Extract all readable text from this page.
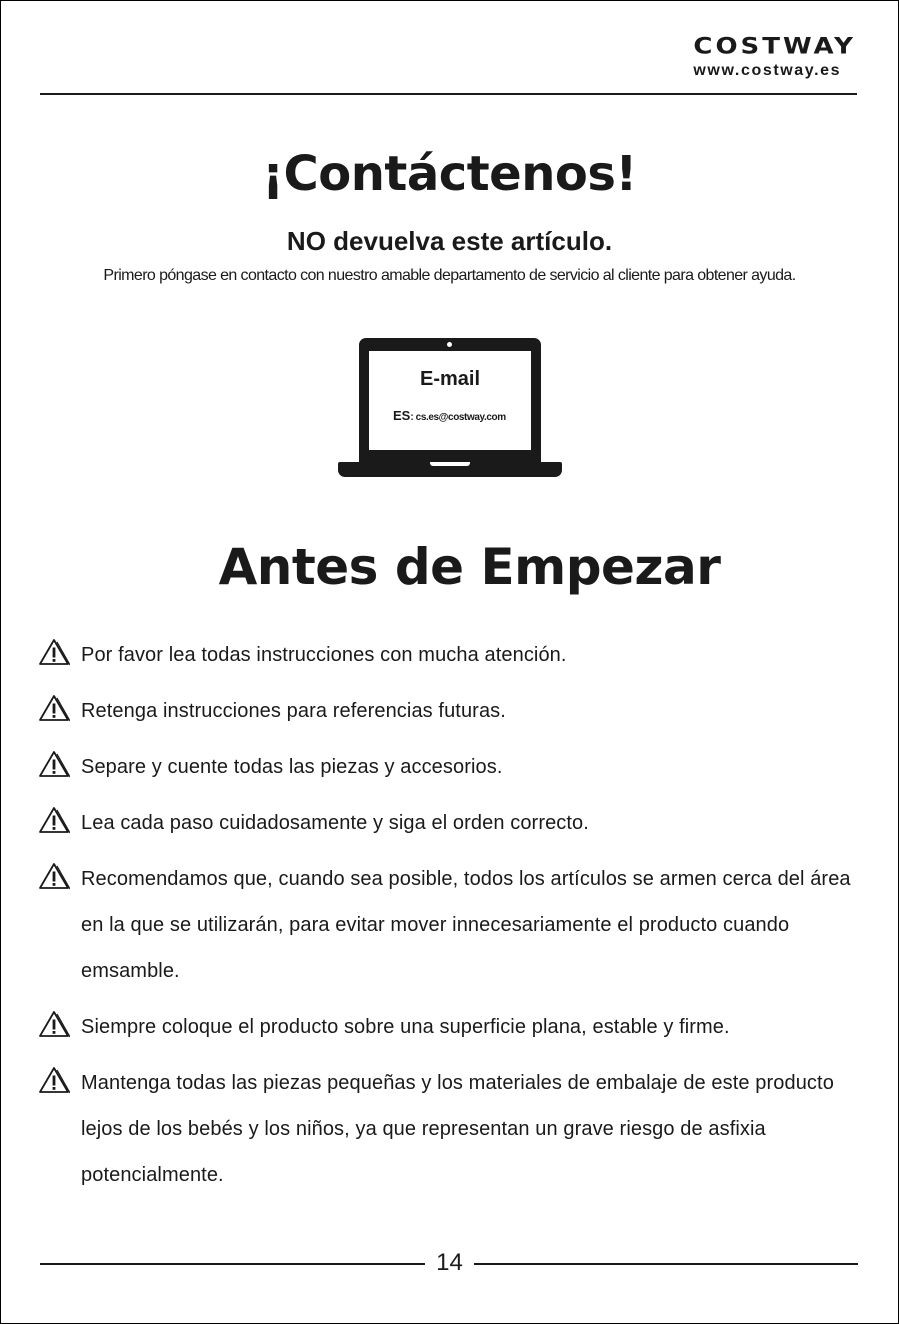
COSTWAY
www.costway.es
¡Contáctenos!
NO devuelva este artículo.
Primero póngase en contacto con nuestro amable departamento de servicio al cliente para obtener ayuda.
E-mail
ES: cs.es@costway.com
Antes de Empezar
Por favor lea todas instrucciones con mucha atención.
Retenga instrucciones para referencias futuras.
Separe y cuente todas las piezas y accesorios.
Lea cada paso cuidadosamente y siga el orden correcto.
Recomendamos que, cuando sea posible, todos los artículos se armen cerca del área en la que se utilizarán, para evitar mover innecesariamente el producto cuando emsamble.
Siempre coloque el producto sobre una superficie plana, estable y firme.
Mantenga todas las piezas pequeñas y los materiales de embalaje de este producto lejos de los bebés y los niños, ya que representan un grave riesgo de asfixia potencialmente.
14
